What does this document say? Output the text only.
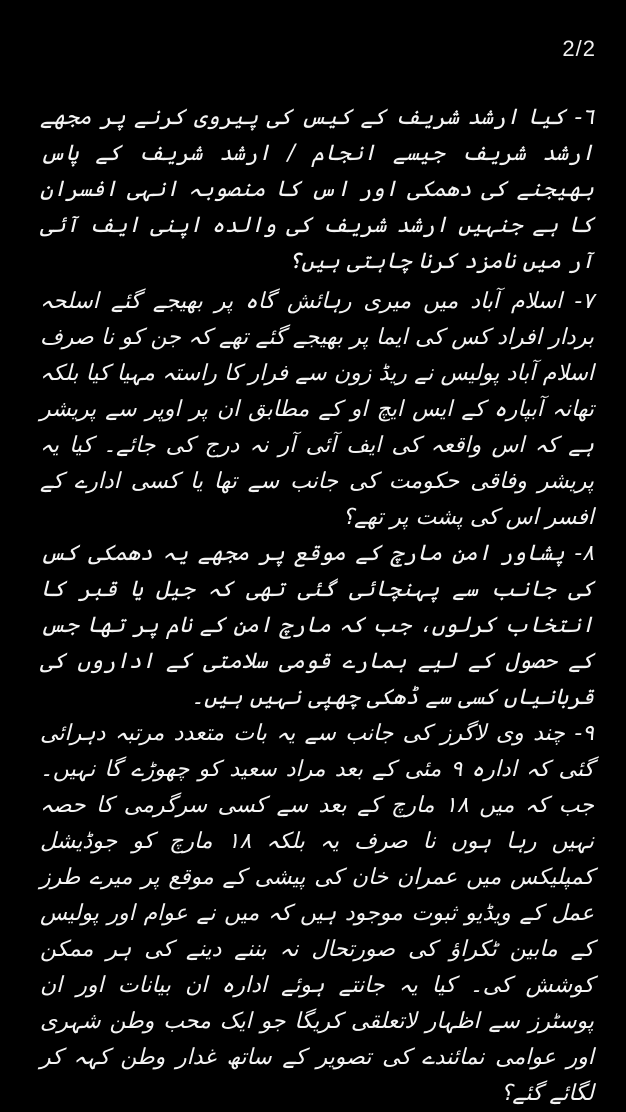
2/2

٦- کیا ارشد شریف کے کیس کی پیروی کرنے پر مجھے ارشد شریف جیسے انجام / ارشد شریف کے پاس بھیجنے کی دھمکی اور اس کا منصوبہ انہی افسران کا ہے جنہیں ارشد شریف کی والدہ اپنی ایف آئی آر میں نامزد کرنا چاہتی ہیں؟

٧- اسلام آباد میں میری رہائش گاہ پر بھیجے گئے اسلحہ بردار افراد کس کی ایما پر بھیجے گئے تھے کہ جن کو نا صرف اسلام آباد پولیس نے ریڈ زون سے فرار کا راستہ مہیا کیا بلکہ تھانہ آبپارہ کے ایس ایچ او کے مطابق ان پر اوپر سے پریشر ہے کہ اس واقعہ کی ایف آئی آر نہ درج کی جائے۔ کیا یہ پریشر وفاقی حکومت کی جانب سے تھا یا کسی ادارے کے افسر اس کی پشت پر تھے؟

٨- پشاور امن مارچ کے موقع پر مجھے یہ دھمکی کس کی جانب سے پہنچائی گئی تھی کہ جیل یا قبر کا انتخاب کرلوں، جب کہ مارچ امن کے نام پر تھا جس کے حصول کے لیے ہمارے قومی سلامتی کے اداروں کی قربانیاں کسی سے ڈھکی چھپی نہیں ہیں۔

٩- چند وی لاگرز کی جانب سے یہ بات متعدد مرتبہ دہرائی گئی کہ ادارہ ٩ مئی کے بعد مراد سعید کو چھوڑے گا نہیں۔ جب کہ میں ١٨ مارچ کے بعد سے کسی سرگرمی کا حصہ نہیں رہا ہوں نا صرف یہ بلکہ ١٨ مارچ کو جوڈیشل کمپلیکس میں عمران خان کی پیشی کے موقع پر میرے طرز عمل کے ویڈیو ثبوت موجود ہیں کہ میں نے عوام اور پولیس کے مابین ٹکراؤ کی صورتحال نہ بننے دینے کی ہر ممکن کوشش کی۔ کیا یہ جانتے ہوئے ادارہ ان بیانات اور ان پوسٹرز سے اظہار لاتعلقی کریگا جو ایک محب وطن شہری اور عوامی نمائندے کی تصویر کے ساتھ غدار وطن کہہ کر لگائے گئے؟
